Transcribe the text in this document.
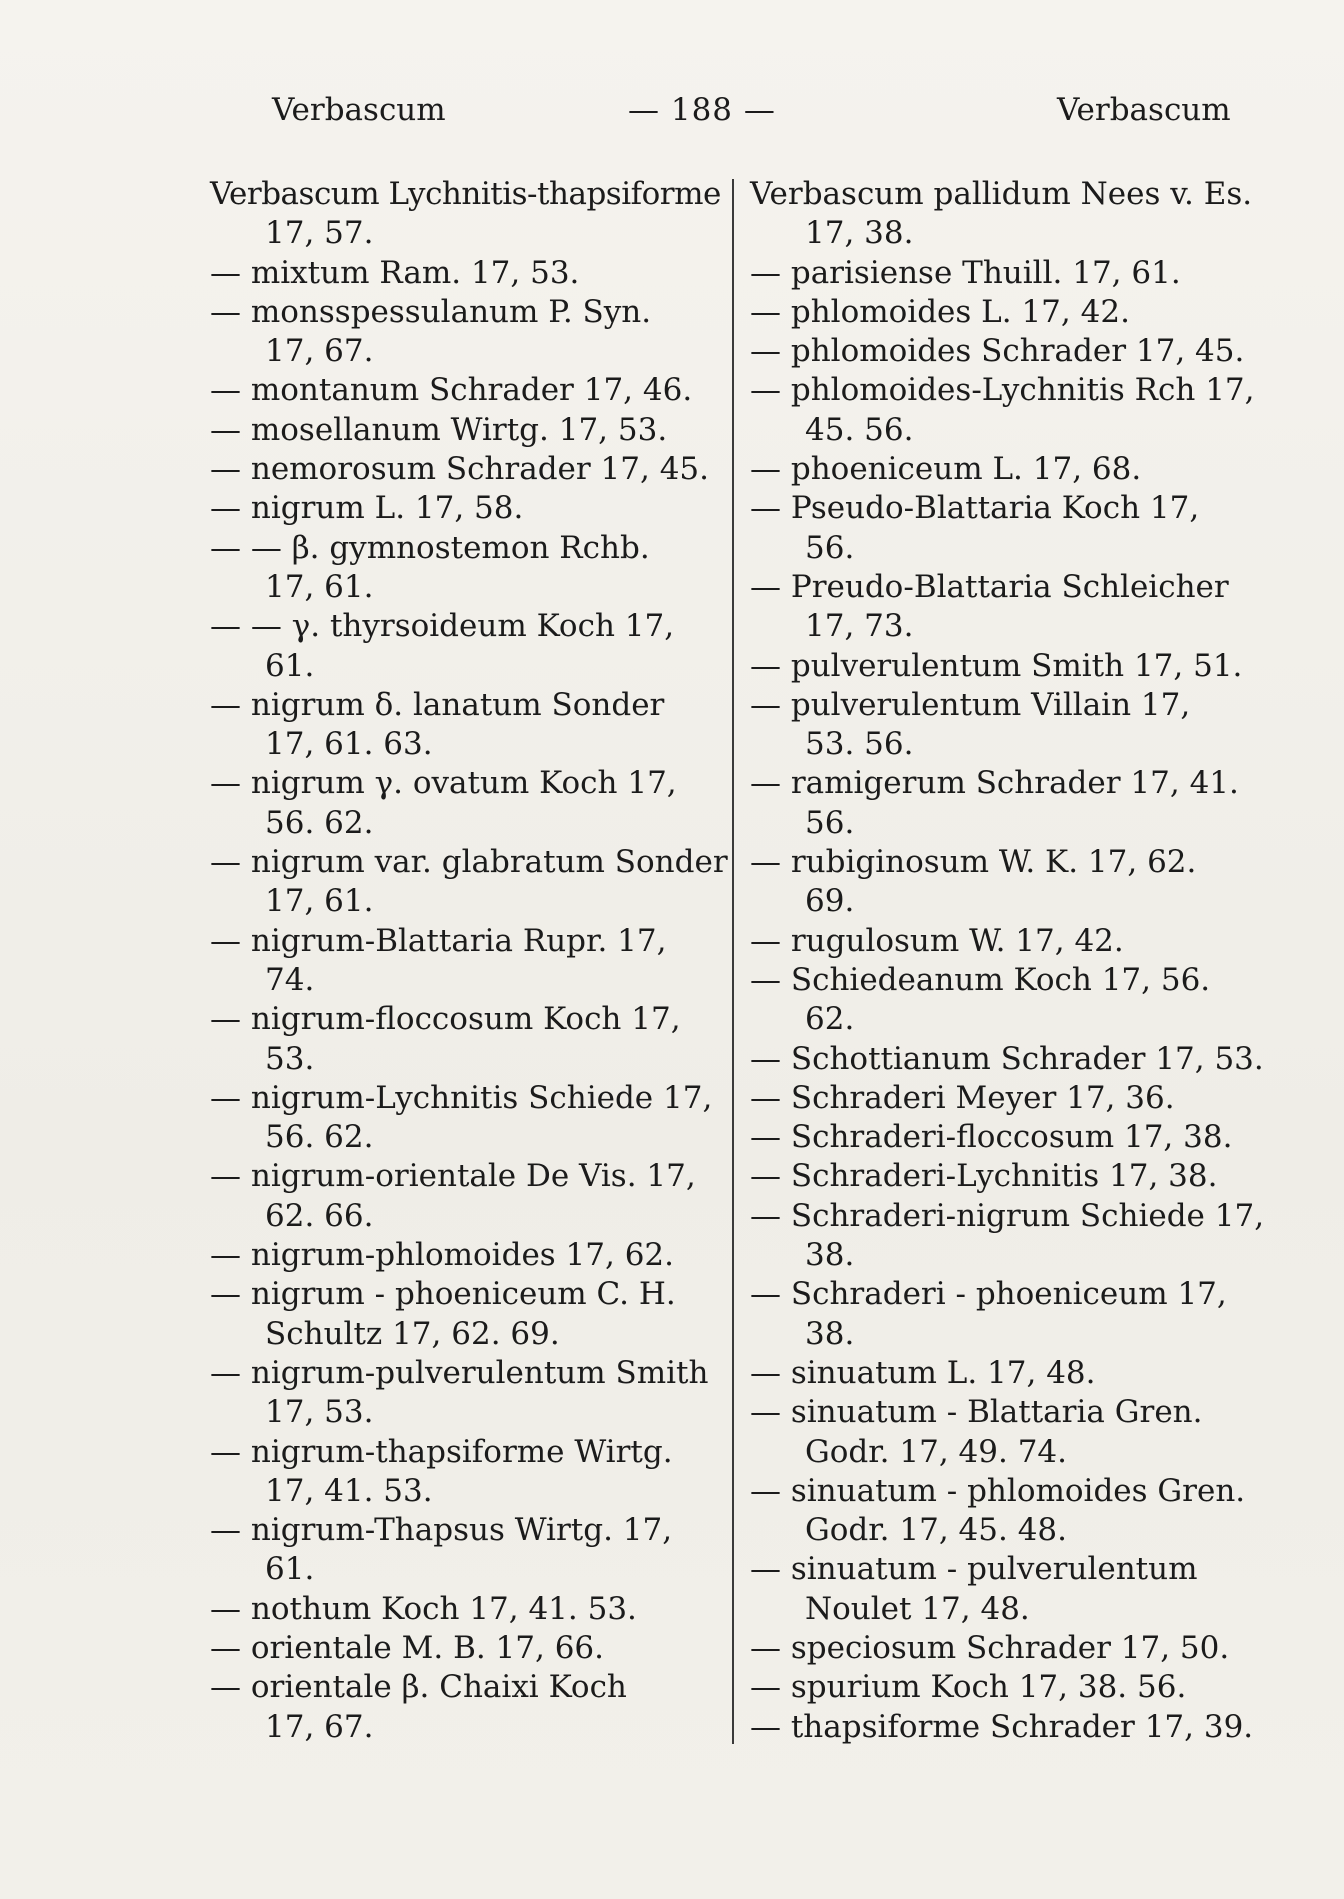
Verbascum	— 188 —	Verbascum
Verbascum Lychnitis-thapsiforme
17, 57.
— mixtum Ram. 17, 53.
— monsspessulanum P. Syn.
17, 67.
— montanum Schrader 17, 46.
— mosellanum Wirtg. 17, 53.
— nemorosum Schrader 17, 45.
— nigrum L. 17, 58.
— — β. gymnostemon Rchb.
17, 61.
— — γ. thyrsoideum Koch 17,
61.
— nigrum δ. lanatum Sonder
17, 61. 63.
— nigrum γ. ovatum Koch 17,
56. 62.
— nigrum var. glabratum Sonder
17, 61.
— nigrum-Blattaria Rupr. 17,
74.
— nigrum-floccosum Koch 17,
53.
— nigrum-Lychnitis Schiede 17,
56. 62.
— nigrum-orientale De Vis. 17,
62. 66.
— nigrum-phlomoides 17, 62.
— nigrum - phoeniceum C. H.
Schultz 17, 62. 69.
— nigrum-pulverulentum Smith
17, 53.
— nigrum-thapsiforme Wirtg.
17, 41. 53.
— nigrum-Thapsus Wirtg. 17,
61.
— nothum Koch 17, 41. 53.
— orientale M. B. 17, 66.
— orientale β. Chaixi Koch
17, 67.
Verbascum pallidum Nees v. Es.
17, 38.
— parisiense Thuill. 17, 61.
— phlomoides L. 17, 42.
— phlomoides Schrader 17, 45.
— phlomoides-Lychnitis Rch 17,
45. 56.
— phoeniceum L. 17, 68.
— Pseudo-Blattaria Koch 17,
56.
— Preudo-Blattaria Schleicher
17, 73.
— pulverulentum Smith 17, 51.
— pulverulentum Villain 17,
53. 56.
— ramigerum Schrader 17, 41.
56.
— rubiginosum W. K. 17, 62.
69.
— rugulosum W. 17, 42.
— Schiedeanum Koch 17, 56.
62.
— Schottianum Schrader 17, 53.
— Schraderi Meyer 17, 36.
— Schraderi-floccosum 17, 38.
— Schraderi-Lychnitis 17, 38.
— Schraderi-nigrum Schiede 17,
38.
— Schraderi - phoeniceum 17,
38.
— sinuatum L. 17, 48.
— sinuatum - Blattaria Gren.
Godr. 17, 49. 74.
— sinuatum - phlomoides Gren.
Godr. 17, 45. 48.
— sinuatum - pulverulentum
Noulet 17, 48.
— speciosum Schrader 17, 50.
— spurium Koch 17, 38. 56.
— thapsiforme Schrader 17, 39.
